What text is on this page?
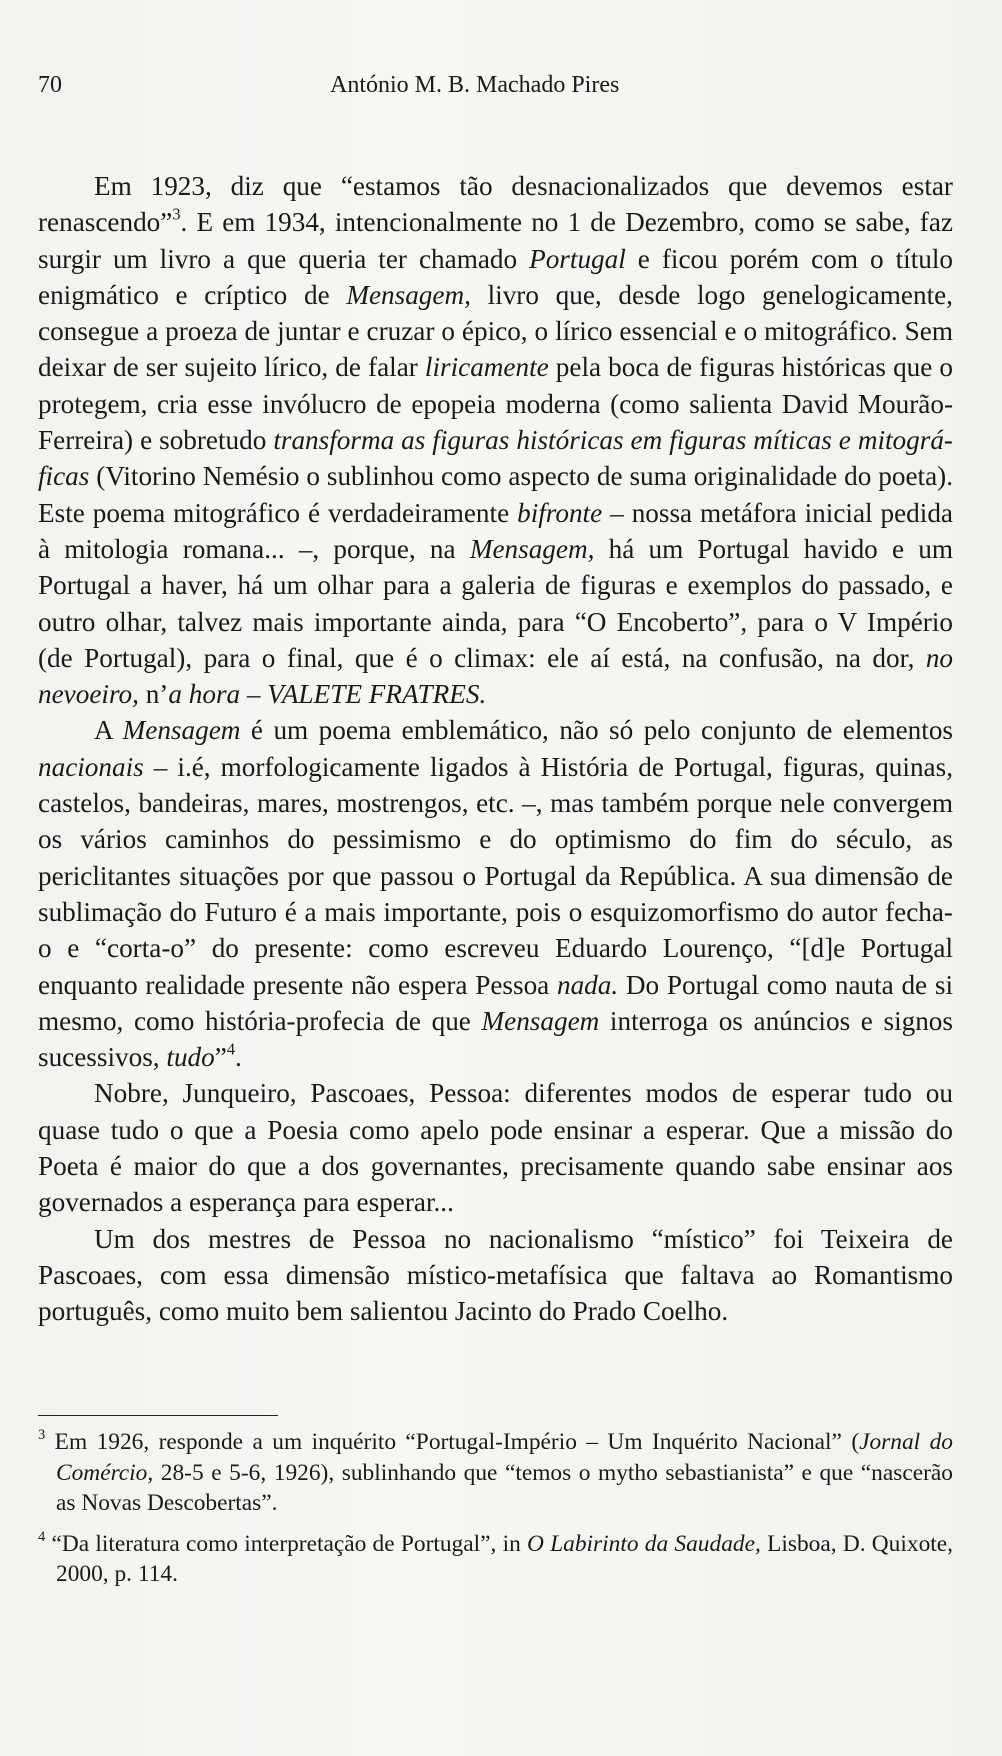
70	António M. B. Machado Pires

Em 1923, diz que “estamos tão desnacionalizados que devemos estar renascendo”$^3$. E em 1934, intencionalmente no 1 de Dezembro, como se sabe, faz surgir um livro a que queria ter chamado Portugal e ficou porém com o título enigmático e críptico de Mensagem, livro que, desde logo genelogicamente, consegue a proeza de juntar e cruzar o épico, o lírico essencial e o mitográfico. Sem deixar de ser sujeito lírico, de falar liricamente pela boca de figuras históricas que o protegem, cria esse invólucro de epopeia moderna (como salienta David Mourão-Ferreira) e sobretudo transforma as figuras históricas em figuras míticas e mitográficas (Vitorino Nemésio o sublinhou como aspecto de suma originalidade do poeta). Este poema mitográfico é verdadeiramente bifronte – nossa metáfora inicial pedida à mitologia romana... –, porque, na Mensagem, há um Portugal havido e um Portugal a haver, há um olhar para a galeria de figuras e exemplos do passado, e outro olhar, talvez mais importante ainda, para “O Encoberto”, para o V Império (de Portugal), para o final, que é o climax: ele aí está, na confusão, na dor, no nevoeiro, n’a hora – VALETE FRATRES.

A Mensagem é um poema emblemático, não só pelo conjunto de elementos nacionais – i.é, morfologicamente ligados à História de Portugal, figuras, quinas, castelos, bandeiras, mares, mostrengos, etc. –, mas também porque nele convergem os vários caminhos do pessimismo e do optimismo do fim do século, as periclitantes situações por que passou o Portugal da República. A sua dimensão de sublimação do Futuro é a mais importante, pois o esquizomorfismo do autor fecha-o e “corta-o” do presente: como escreveu Eduardo Lourenço, “[d]e Portugal enquanto realidade presente não espera Pessoa nada. Do Portugal como nauta de si mesmo, como história-profecia de que Mensagem interroga os anúncios e signos sucessivos, tudo”$^4$.

Nobre, Junqueiro, Pascoaes, Pessoa: diferentes modos de esperar tudo ou quase tudo o que a Poesia como apelo pode ensinar a esperar. Que a missão do Poeta é maior do que a dos governantes, precisamente quando sabe ensinar aos governados a esperança para esperar...

Um dos mestres de Pessoa no nacionalismo “místico” foi Teixeira de Pascoaes, com essa dimensão místico-metafísica que faltava ao Romantismo português, como muito bem salientou Jacinto do Prado Coelho.

$^3$ Em 1926, responde a um inquérito “Portugal-Império – Um Inquérito Nacional” (Jornal do Comércio, 28-5 e 5-6, 1926), sublinhando que “temos o mytho sebastianista” e que “nascerão as Novas Descobertas”.

$^4$ “Da literatura como interpretação de Portugal”, in O Labirinto da Saudade, Lisboa, D. Quixote, 2000, p. 114.
